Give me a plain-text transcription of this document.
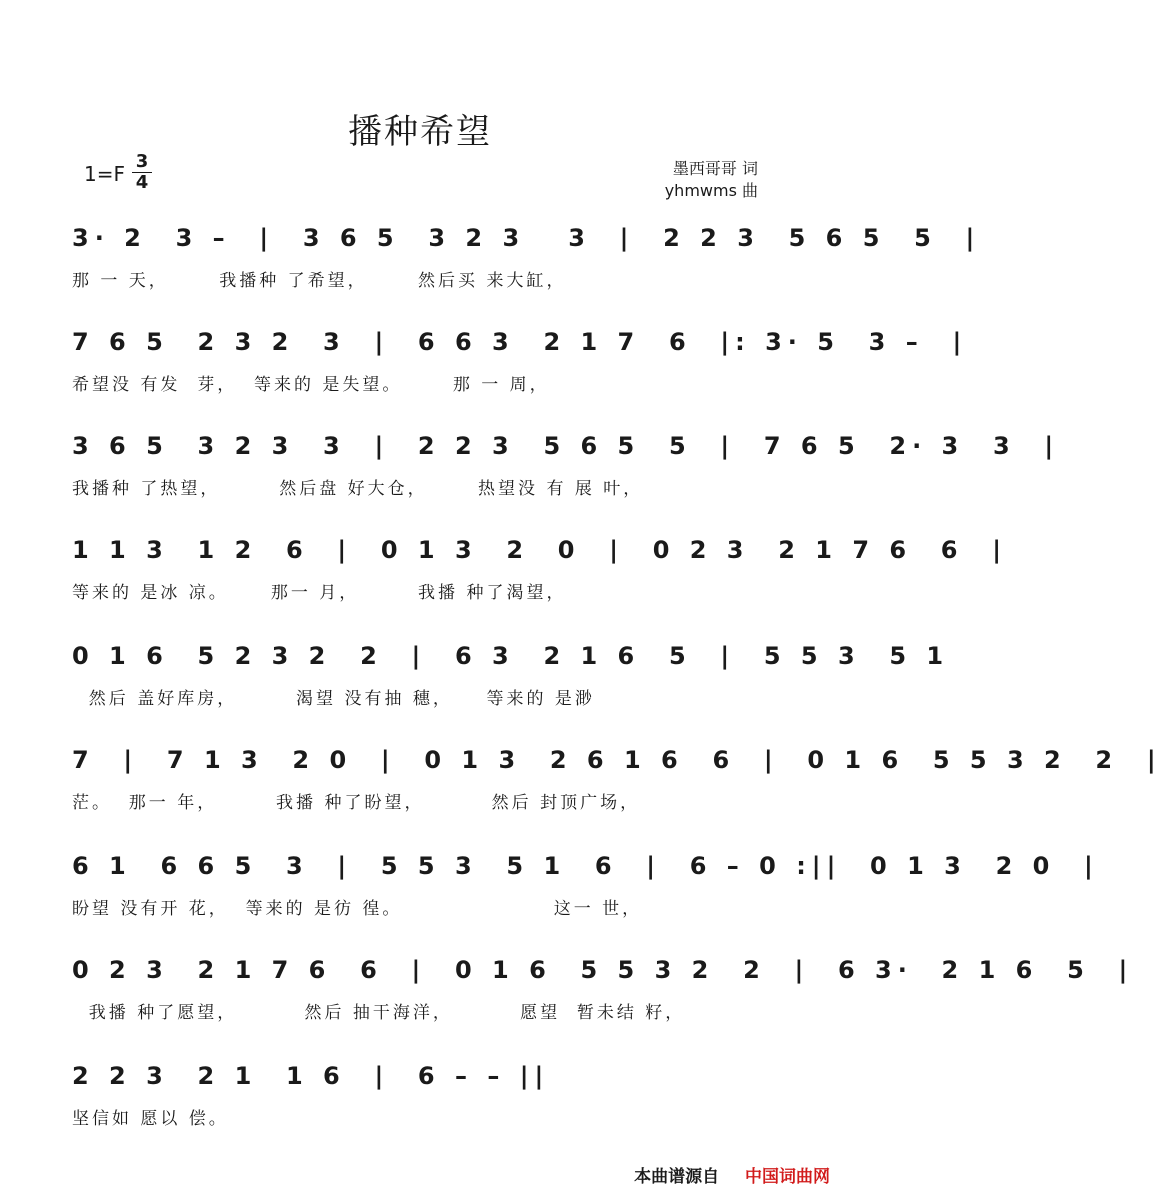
播种希望
$1=F \frac{3}{4}$	墨西哥哥 词
yhmwms 曲
3· 2  3 –  |  3 6 5  3 2 3   3  |  2 2 3  5 6 5  5  |
那 一 天，      我播种 了希望，      然后买 来大缸，
7 6 5  2 3 2  3  |  6 6 3  2 1 7  6  |: 3· 5  3 –  |
希望没 有发  芽，  等来的 是失望。      那 一 周，
3 6 5  3 2 3  3  |  2 2 3  5 6 5  5  |  7 6 5  2· 3  3  |
我播种 了热望，       然后盘 好大仓，      热望没 有 展 叶，
1 1 3  1 2  6  |  0 1 3  2  0  |  0 2 3  2 1 7 6  6  |
等来的 是冰 凉。     那一 月，       我播 种了渴望，
0 1 6  5 2 3 2  2  |  6 3  2 1 6  5  |  5 5 3  5 1
然后 盖好库房，       渴望 没有抽 穗，    等来的 是渺
7  |  7 1 3  2 0  |  0 1 3  2 6 1 6  6  |  0 1 6  5 5 3 2  2  |
茫。  那一 年，       我播 种了盼望，        然后 封顶广场，
6 1  6 6 5  3  |  5 5 3  5 1  6  |  6 – 0 :||  0 1 3  2 0  |
盼望 没有开 花，  等来的 是彷 徨。                  这一 世，
0 2 3  2 1 7 6  6  |  0 1 6  5 5 3 2  2  |  6 3·  2 1 6  5  |
我播 种了愿望，        然后 抽干海洋，        愿望  暂未结 籽，
2 2 3  2 1  1 6  |  6 – – ||
坚信如 愿以 偿。
本曲谱源自 中国词曲网
